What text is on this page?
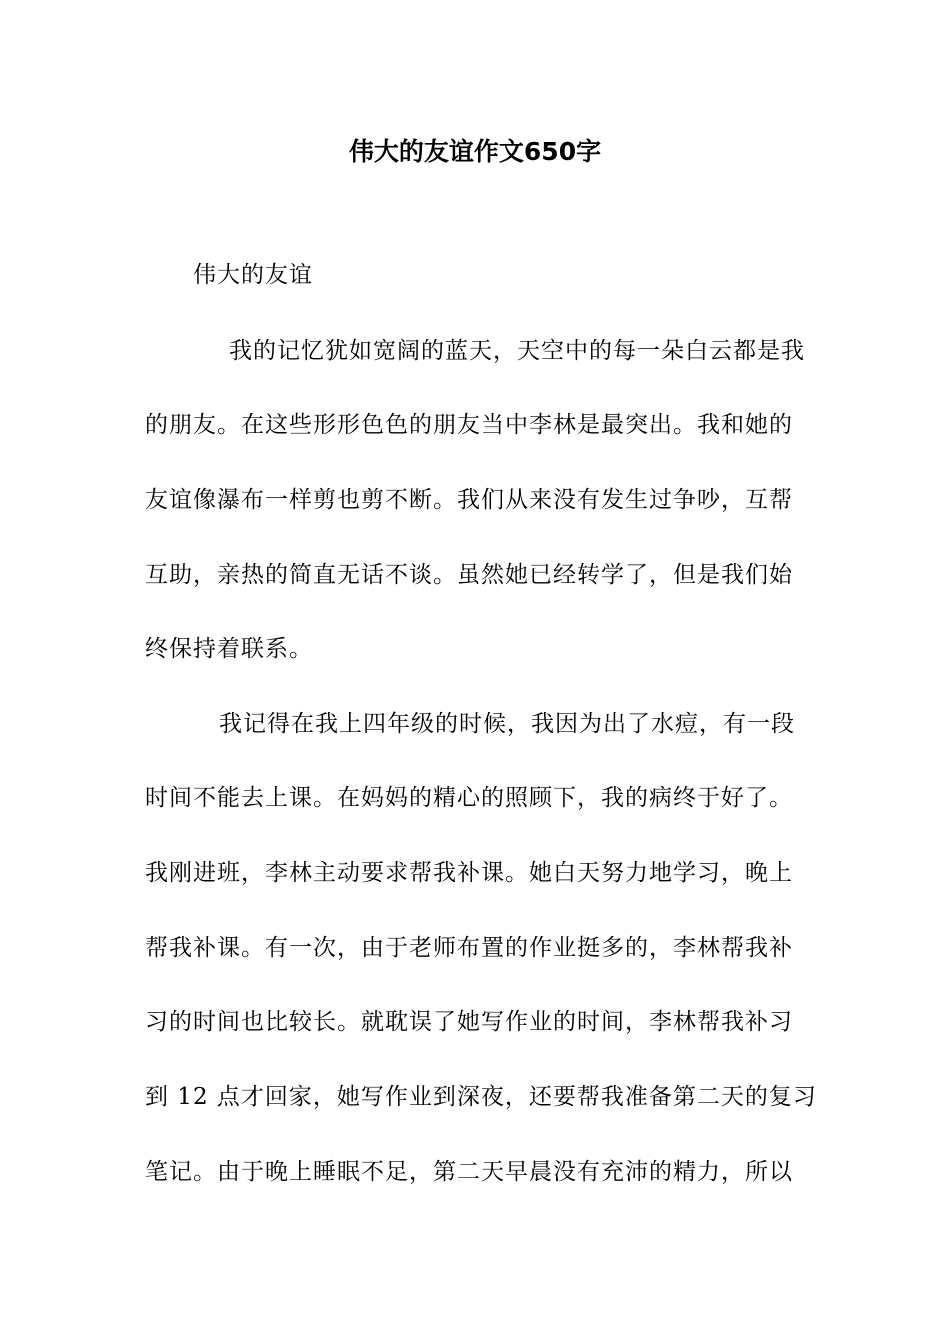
伟大的友谊作文650字
伟大的友谊
我的记忆犹如宽阔的蓝天，天空中的每一朵白云都是我
的朋友。在这些形形色色的朋友当中李林是最突出。我和她的
友谊像瀑布一样剪也剪不断。我们从来没有发生过争吵，互帮
互助，亲热的简直无话不谈。虽然她已经转学了，但是我们始
终保持着联系。
我记得在我上四年级的时候，我因为出了水痘，有一段
时间不能去上课。在妈妈的精心的照顾下，我的病终于好了。
我刚进班，李林主动要求帮我补课。她白天努力地学习，晚上
帮我补课。有一次，由于老师布置的作业挺多的，李林帮我补
习的时间也比较长。就耽误了她写作业的时间，李林帮我补习
到 12 点才回家，她写作业到深夜，还要帮我准备第二天的复习
笔记。由于晚上睡眠不足，第二天早晨没有充沛的精力，所以
